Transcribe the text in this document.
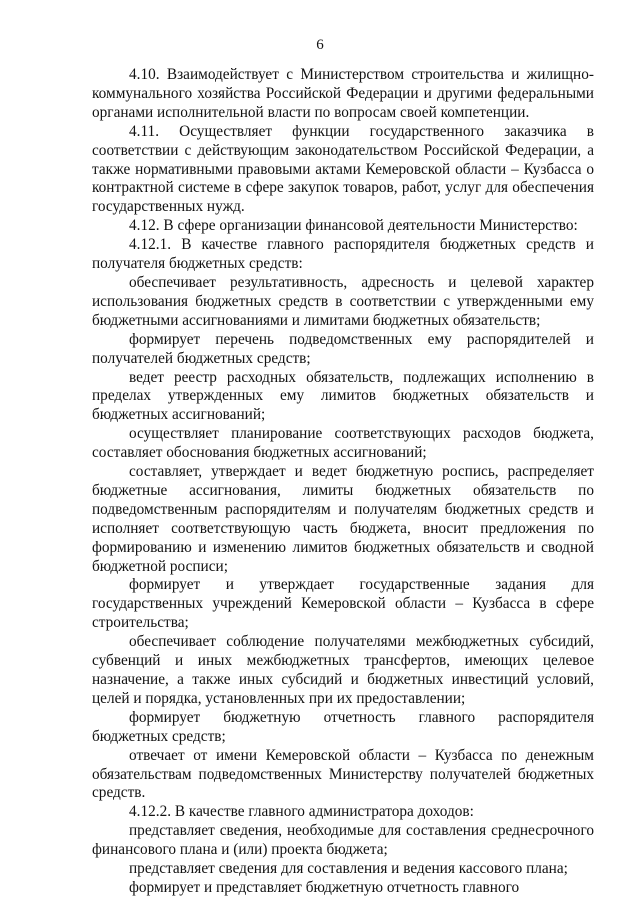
6

4.10. Взаимодействует с Министерством строительства и жилищно-коммунального хозяйства Российской Федерации и другими федеральными органами исполнительной власти по вопросам своей компетенции.

4.11. Осуществляет функции государственного заказчика в соответствии с действующим законодательством Российской Федерации, а также нормативными правовыми актами Кемеровской области – Кузбасса о контрактной системе в сфере закупок товаров, работ, услуг для обеспечения государственных нужд.

4.12. В сфере организации финансовой деятельности Министерство:

4.12.1. В качестве главного распорядителя бюджетных средств и получателя бюджетных средств:

обеспечивает результативность, адресность и целевой характер использования бюджетных средств в соответствии с утвержденными ему бюджетными ассигнованиями и лимитами бюджетных обязательств;

формирует перечень подведомственных ему распорядителей и получателей бюджетных средств;

ведет реестр расходных обязательств, подлежащих исполнению в пределах утвержденных ему лимитов бюджетных обязательств и бюджетных ассигнований;

осуществляет планирование соответствующих расходов бюджета, составляет обоснования бюджетных ассигнований;

составляет, утверждает и ведет бюджетную роспись, распределяет бюджетные ассигнования, лимиты бюджетных обязательств по подведомственным распорядителям и получателям бюджетных средств и исполняет соответствующую часть бюджета, вносит предложения по формированию и изменению лимитов бюджетных обязательств и сводной бюджетной росписи;

формирует и утверждает государственные задания для государственных учреждений Кемеровской области – Кузбасса в сфере строительства;

обеспечивает соблюдение получателями межбюджетных субсидий, субвенций и иных межбюджетных трансфертов, имеющих целевое назначение, а также иных субсидий и бюджетных инвестиций условий, целей и порядка, установленных при их предоставлении;

формирует бюджетную отчетность главного распорядителя бюджетных средств;

отвечает от имени Кемеровской области – Кузбасса по денежным обязательствам подведомственных Министерству получателей бюджетных средств.

4.12.2. В качестве главного администратора доходов:

представляет сведения, необходимые для составления среднесрочного финансового плана и (или) проекта бюджета;

представляет сведения для составления и ведения кассового плана;

формирует и представляет бюджетную отчетность главного
